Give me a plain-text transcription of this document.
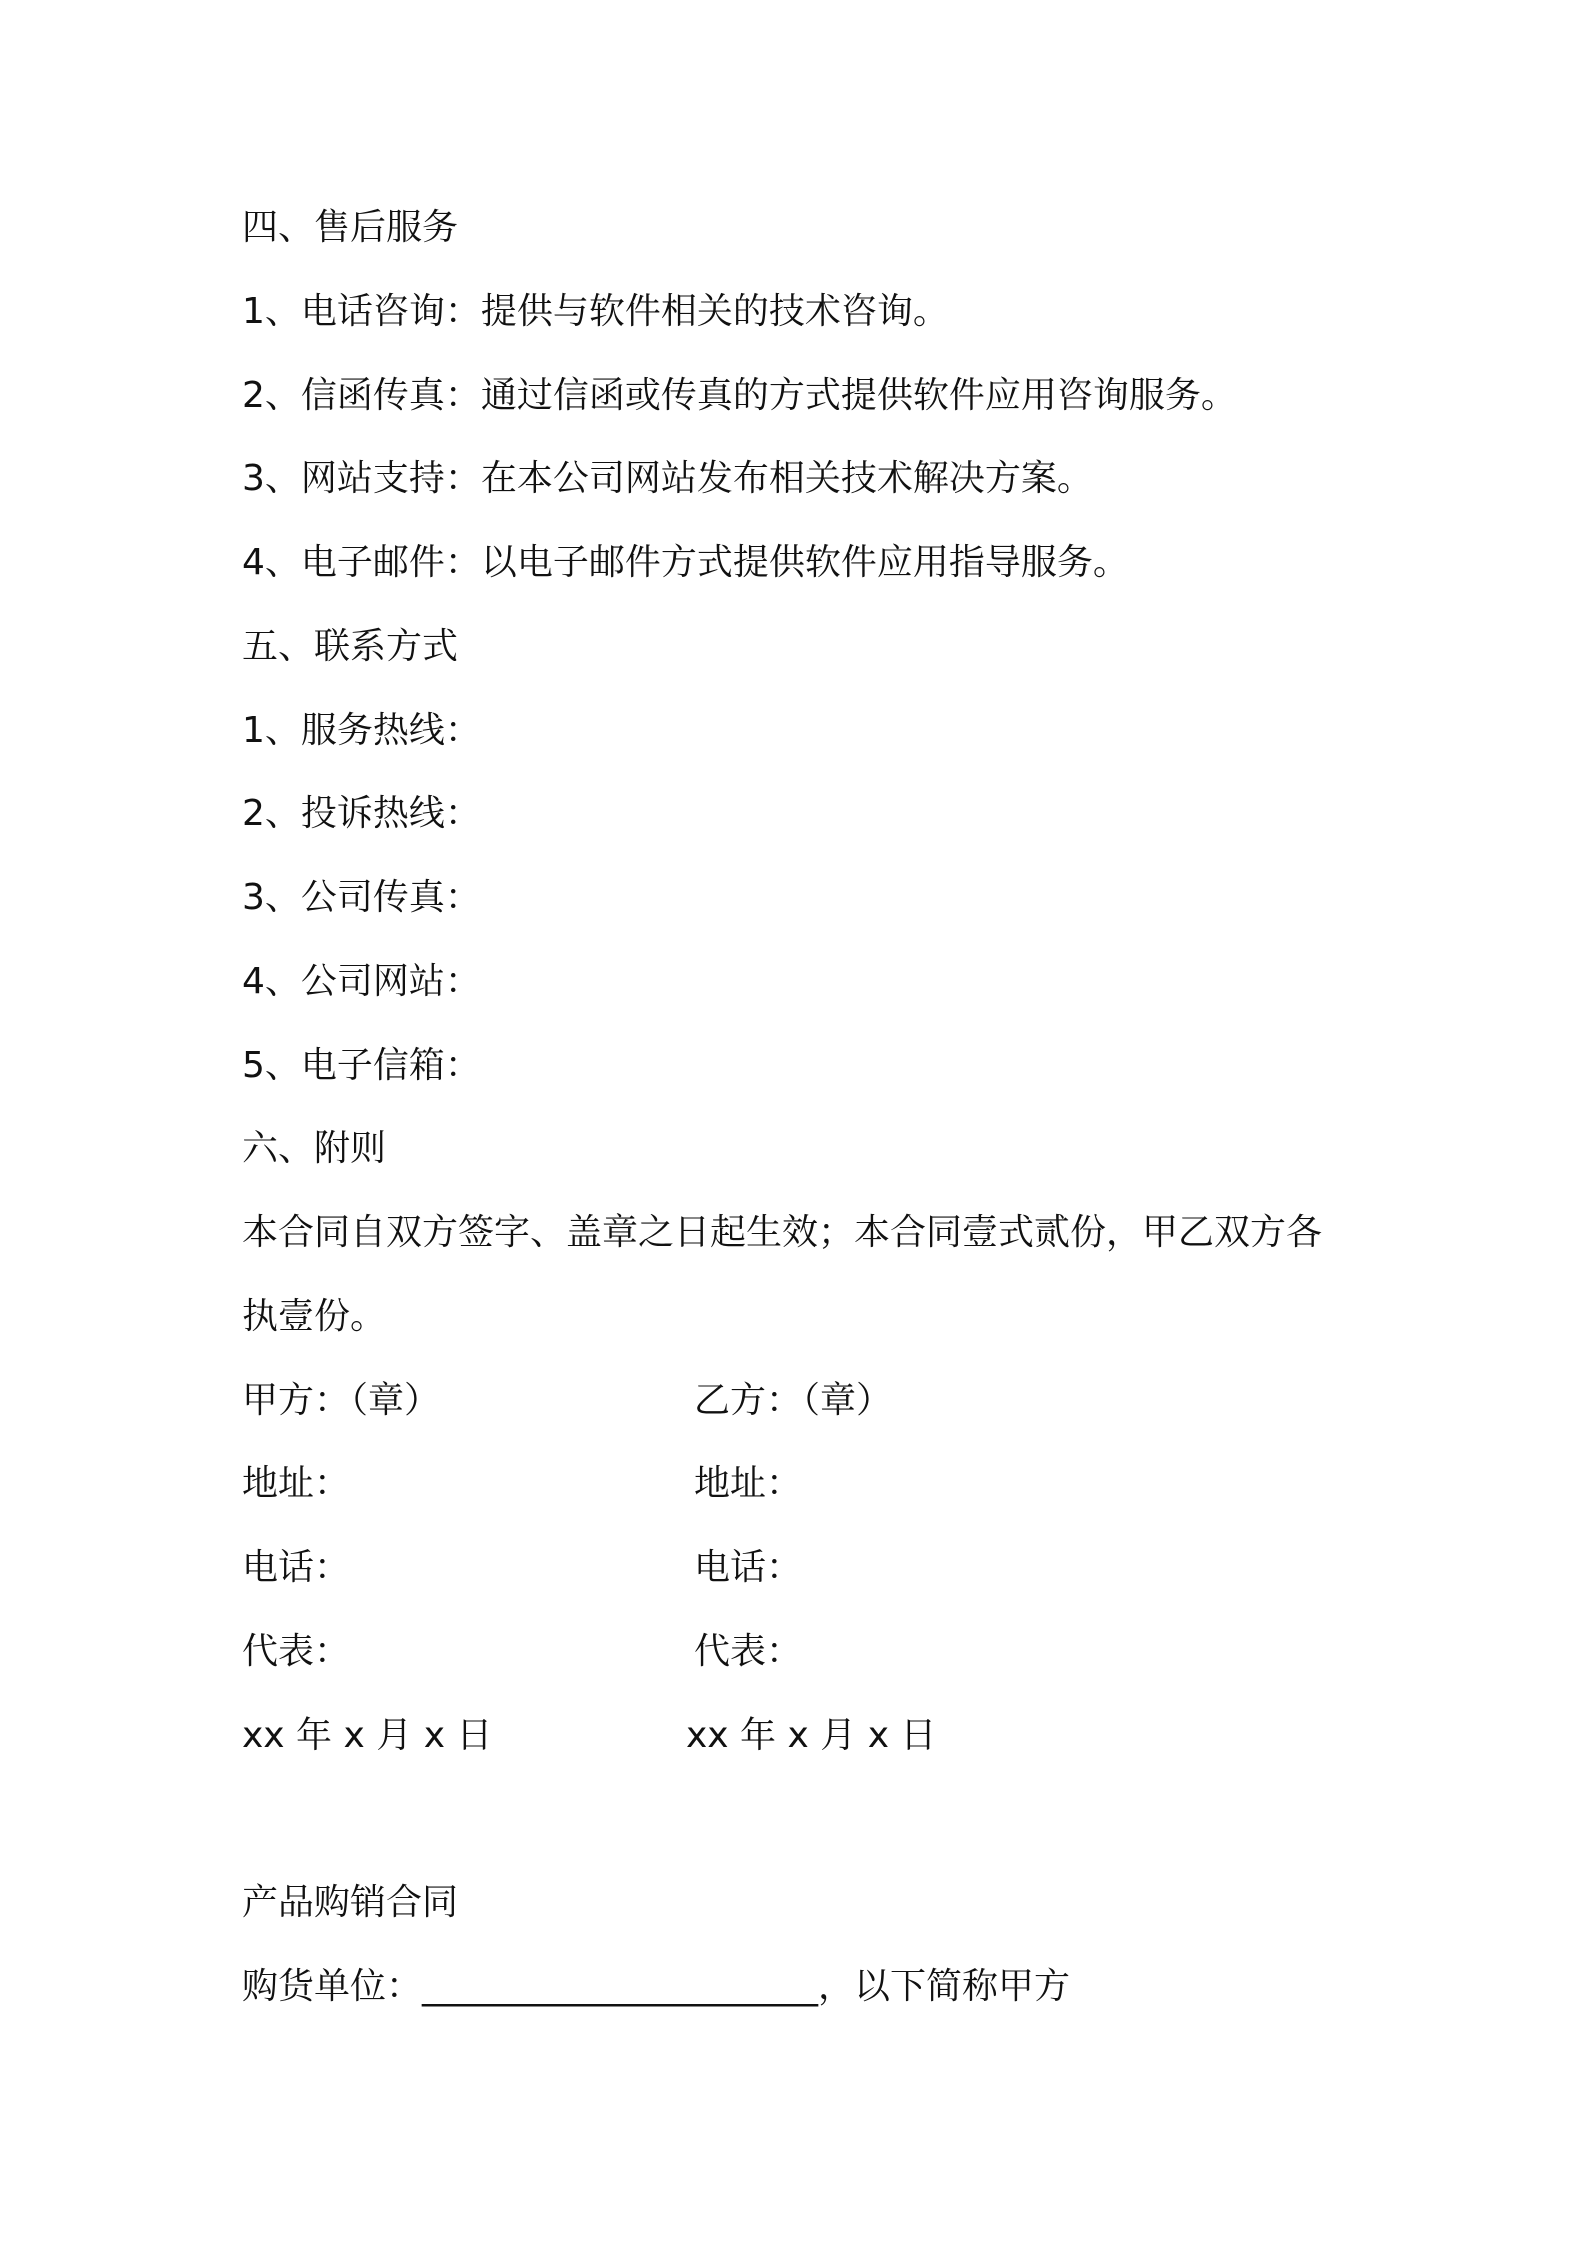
四、售后服务
1、电话咨询：提供与软件相关的技术咨询。
2、信函传真：通过信函或传真的方式提供软件应用咨询服务。
3、网站支持：在本公司网站发布相关技术解决方案。
4、电子邮件：以电子邮件方式提供软件应用指导服务。
五、联系方式
1、服务热线：
2、投诉热线：
3、公司传真：
4、公司网站：
5、电子信箱：
六、附则
本合同自双方签字、盖章之日起生效；本合同壹式贰份，甲乙双方各
执壹份。
甲方：（章）	乙方：（章）
地址：	地址：
电话：	电话：
代表：	代表：
xx 年 x 月 x 日	xx 年 x 月 x 日
产品购销合同
购货单位：______________________，以下简称甲方
